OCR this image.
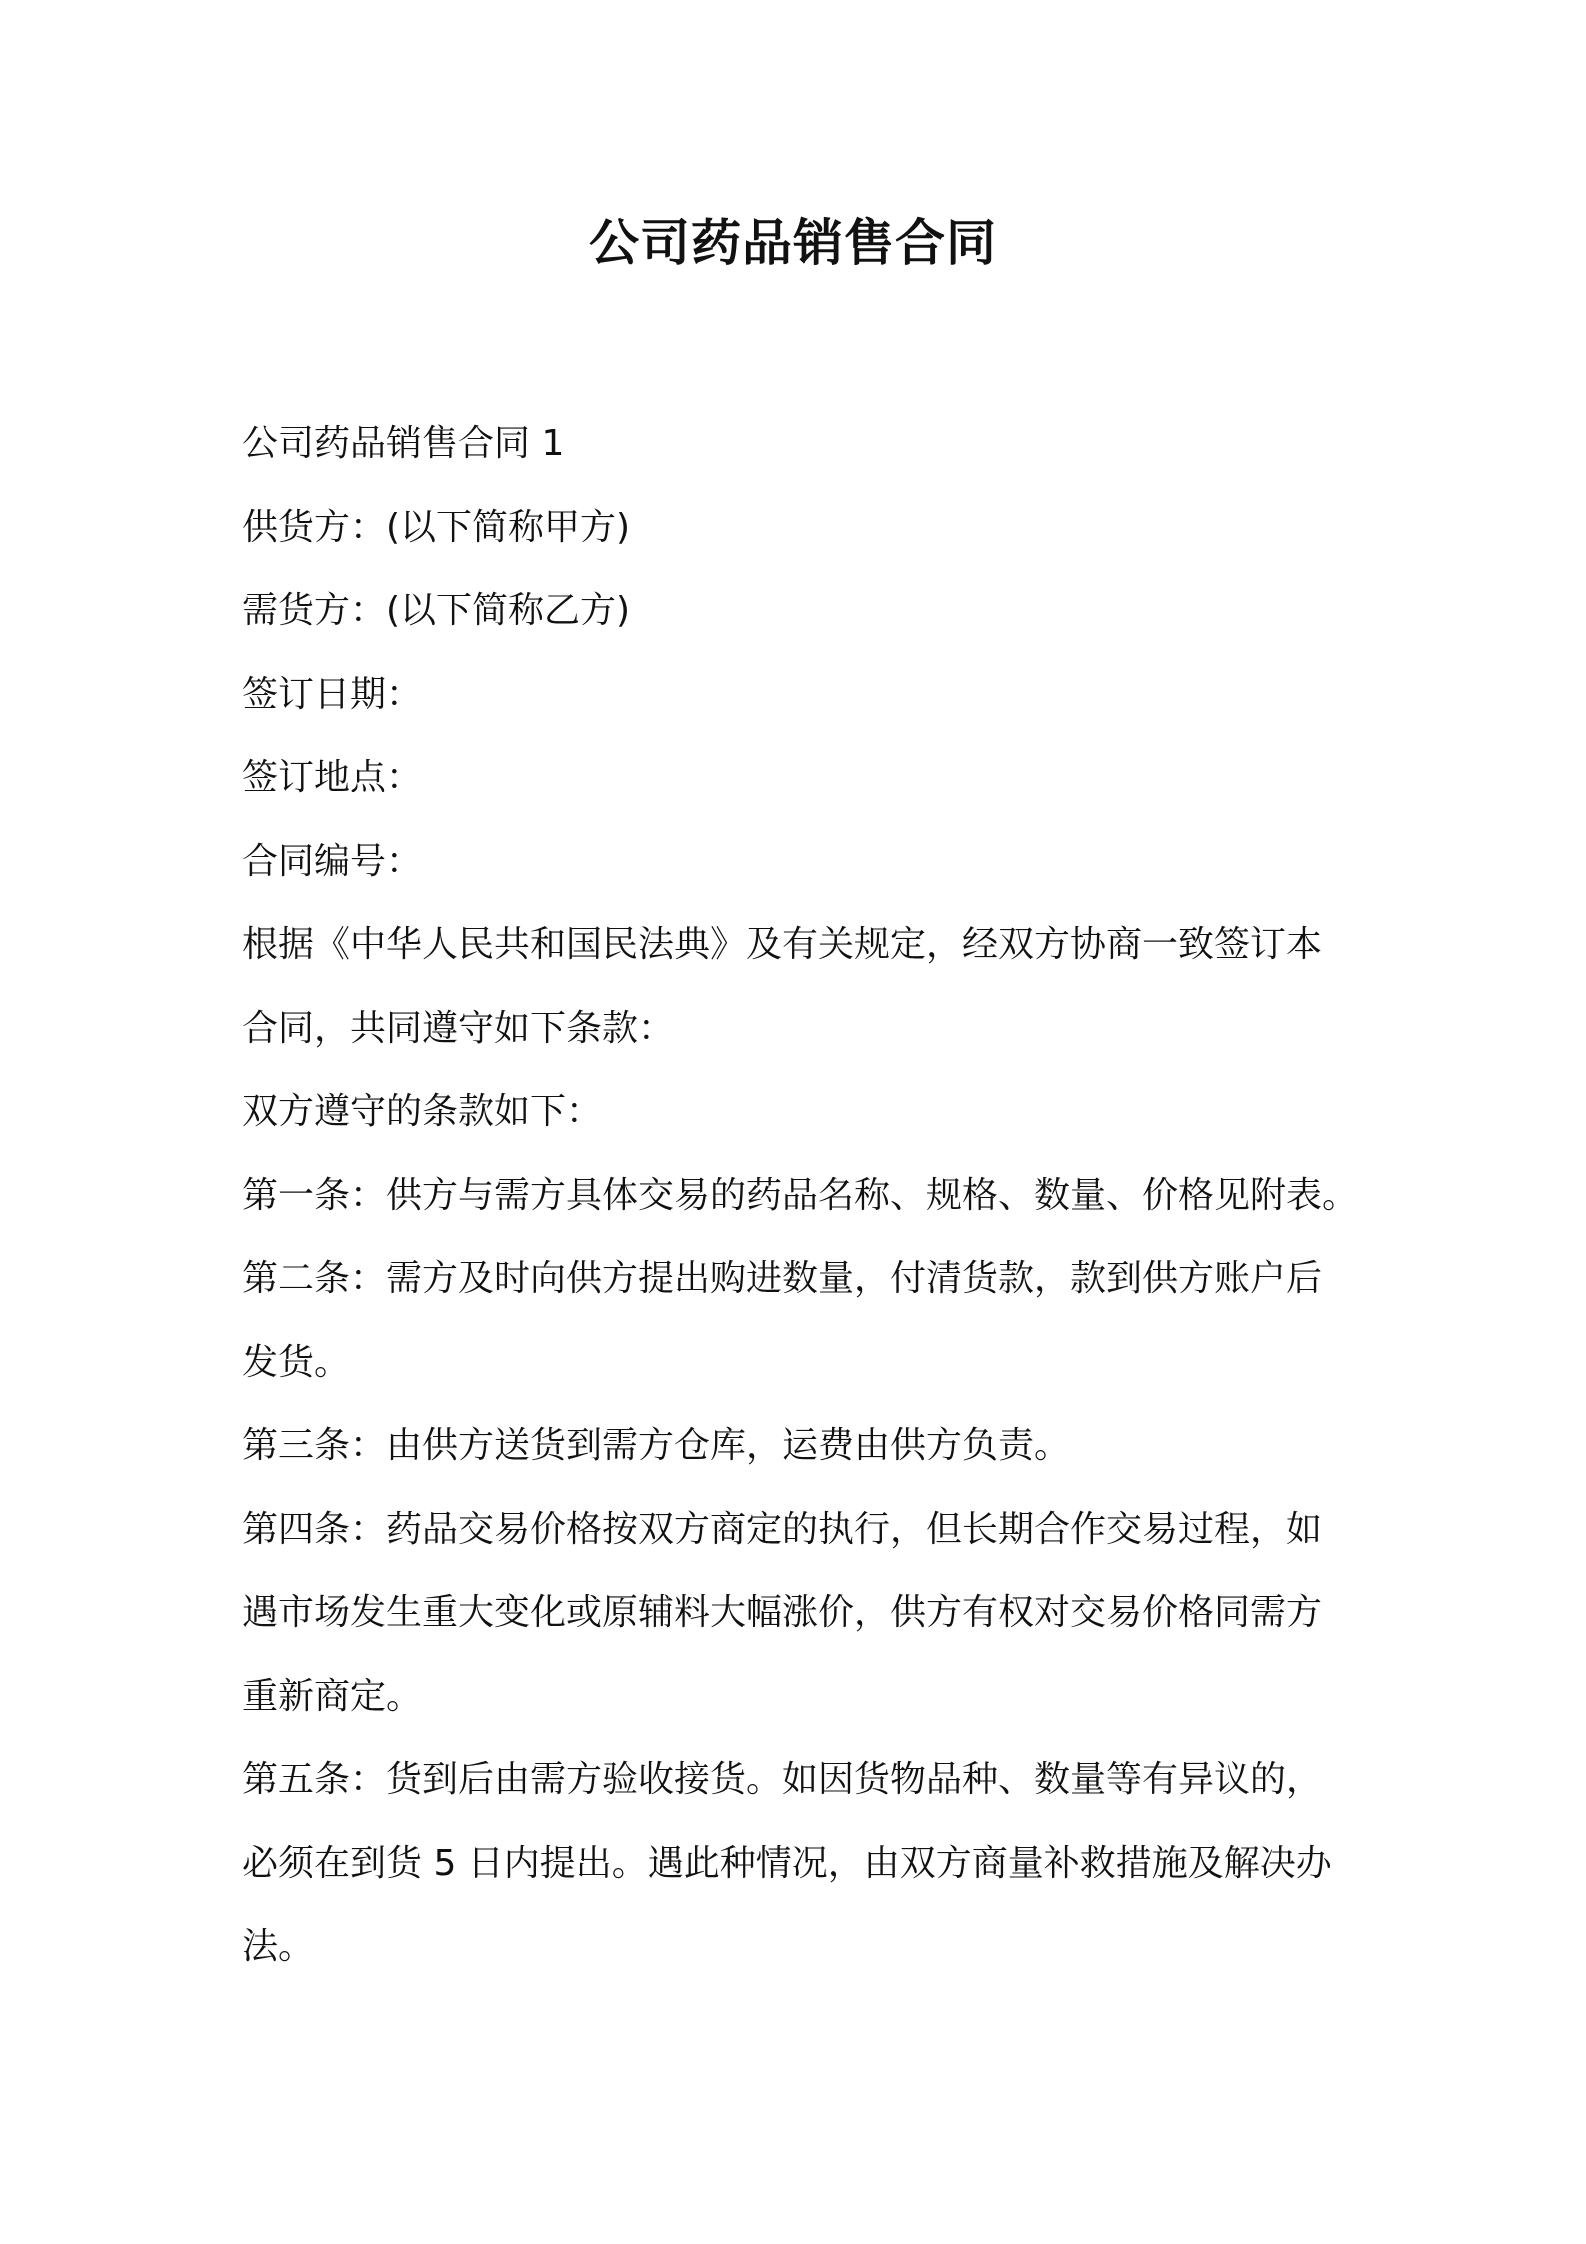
公司药品销售合同

公司药品销售合同 1

供货方：(以下简称甲方)

需货方：(以下简称乙方)

签订日期：

签订地点：

合同编号：

根据《中华人民共和国民法典》及有关规定，经双方协商一致签订本

合同，共同遵守如下条款：

双方遵守的条款如下：

第一条：供方与需方具体交易的药品名称、规格、数量、价格见附表。

第二条：需方及时向供方提出购进数量，付清货款，款到供方账户后

发货。

第三条：由供方送货到需方仓库，运费由供方负责。

第四条：药品交易价格按双方商定的执行，但长期合作交易过程，如

遇市场发生重大变化或原辅料大幅涨价，供方有权对交易价格同需方

重新商定。

第五条：货到后由需方验收接货。如因货物品种、数量等有异议的，

必须在到货 5 日内提出。遇此种情况，由双方商量补救措施及解决办

法。
